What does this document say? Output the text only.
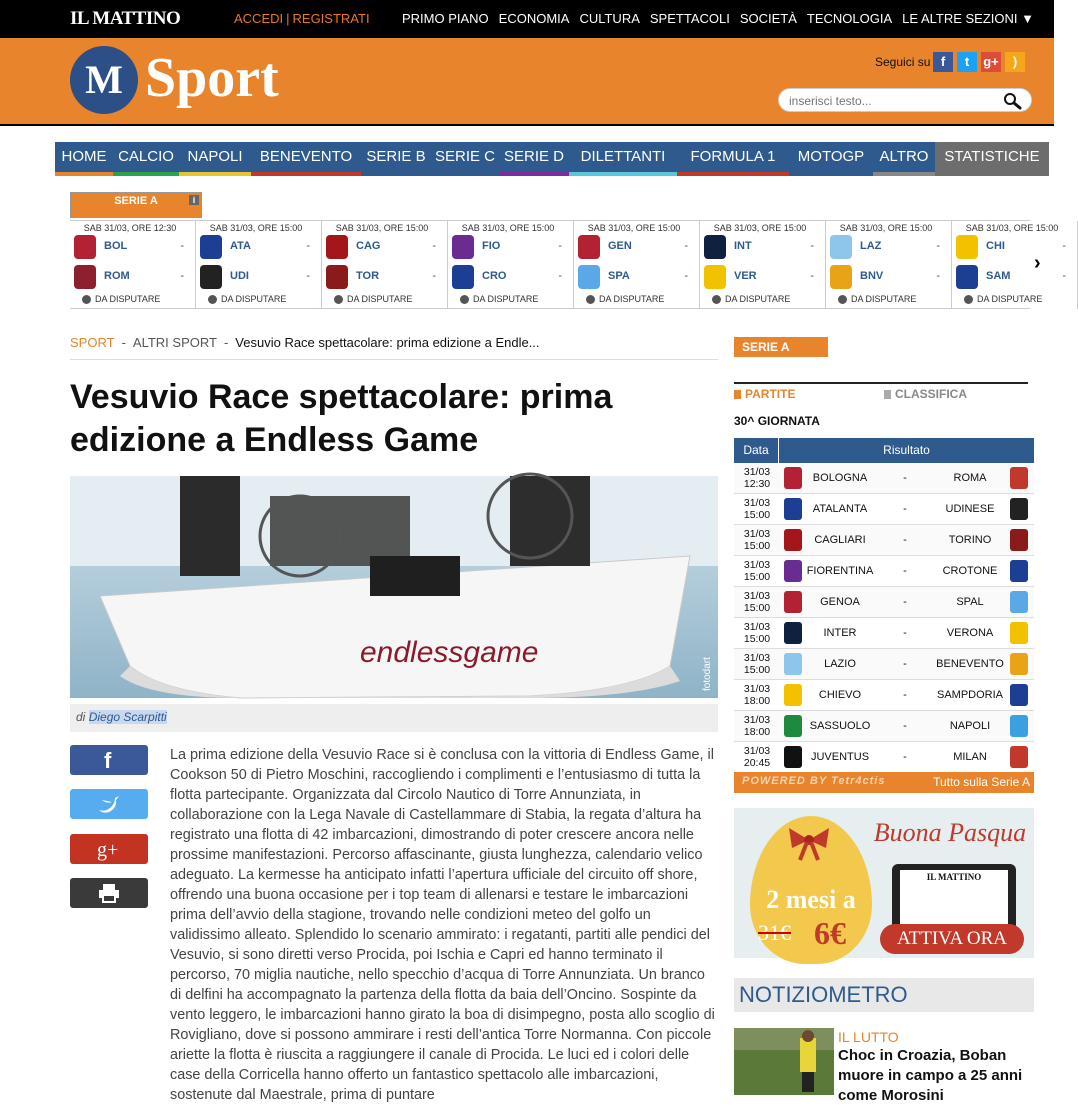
IL MATTINO	ACCEDI | REGISTRATI PRIMO PIANO ECONOMIA CULTURA SPETTACOLI SOCIETÀ TECNOLOGIA LE ALTRE SEZIONI ▼
M Sport	Seguici su f	t	g+	)
inserisci testo...
HOME CALCIO NAPOLI	BENEVENTO SERIE B SERIE C SERIE D	DILETTANTI	FORMULA 1	MOTOGP	ALTRO	STATISTICHE
SERIE A	i
SAB 31/03, ORE 12:30
BOL	-
ROM	-
DA DISPUTARE
SAB 31/03, ORE 15:00
ATA	-
UDI	-
DA DISPUTARE
SAB 31/03, ORE 15:00
CAG	-
TOR	-
DA DISPUTARE
SAB 31/03, ORE 15:00
FIO	-
CRO	-
DA DISPUTARE
SAB 31/03, ORE 15:00
GEN	-
SPA	-
DA DISPUTARE
SAB 31/03, ORE 15:00
INT	-
VER	-
DA DISPUTARE
SAB 31/03, ORE 15:00
LAZ	-
BNV	-
DA DISPUTARE
SAB 31/03, ORE 15:00
CHI	-
SAM	-
DA DISPUTARE
›
SPORT - ALTRI SPORT - Vesuvio Race spettacolare: prima edizione a Endle...
Vesuvio Race spettacolare: prima edizione a Endless Game
endlessgame
fotodart
di Diego Scarpitti
f
g+

La prima edizione della Vesuvio Race si è conclusa con la vittoria di Endless Game, il Cookson 50 di Pietro Moschini, raccogliendo i complimenti e l’entusiasmo di tutta la flotta partecipante. Organizzata dal Circolo Nautico di Torre Annunziata, in collaborazione con la Lega Navale di Castellammare di Stabia, la regata d’altura ha registrato una flotta di 42 imbarcazioni, dimostrando di poter crescere ancora nelle prossime manifestazioni. Percorso affascinante, giusta lunghezza, calendario velico adeguato. La kermesse ha anticipato infatti l’apertura ufficiale del circuito off shore, offrendo una buona occasione per i top team di allenarsi e testare le imbarcazioni prima dell’avvio della stagione, trovando nelle condizioni meteo del golfo un validissimo alleato. Splendido lo scenario ammirato: i regatanti, partiti alle pendici del Vesuvio, si sono diretti verso Procida, poi Ischia e Capri ed hanno terminato il percorso, 70 miglia nautiche, nello specchio d’acqua di Torre Annunziata. Un branco di delfini ha accompagnato la partenza della flotta da baia dell’Oncino. Sospinte da vento leggero, le imbarcazioni hanno girato la boa di disimpegno, posta allo scoglio di Rovigliano, dove si possono ammirare i resti dell’antica Torre Normanna. Con piccole ariette la flotta è riuscita a raggiungere il canale di Procida. Le luci ed i colori delle case della Corricella hanno offerto un fantastico spettacolo alle imbarcazioni, sostenute dal Maestrale, prima di puntare

SERIE A
PARTITE	CLASSIFICA
30^ GIORNATA
Data	Risultato
31/03
12:30	BOLOGNA	-	ROMA
31/03
15:00	ATALANTA	-	UDINESE
31/03
15:00	CAGLIARI	-	TORINO
31/03
15:00	FIORENTINA	-	CROTONE
31/03
15:00	GENOA	-	SPAL
31/03
15:00	INTER	-	VERONA
31/03
15:00	LAZIO	-	BENEVENTO
31/03
18:00	CHIEVO	-	SAMPDORIA
31/03
18:00	SASSUOLO	-	NAPOLI
31/03
20:45	JUVENTUS	-	MILAN
POWERED BY Tetr4ctis	Tutto sulla Serie A
2 mesi a
31€ 6€
Buona Pasqua
IL MATTINO
ATTIVA ORA
NOTIZIOMETRO
IL LUTTO
Choc in Croazia, Boban muore in campo a 25 anni come Morosini
